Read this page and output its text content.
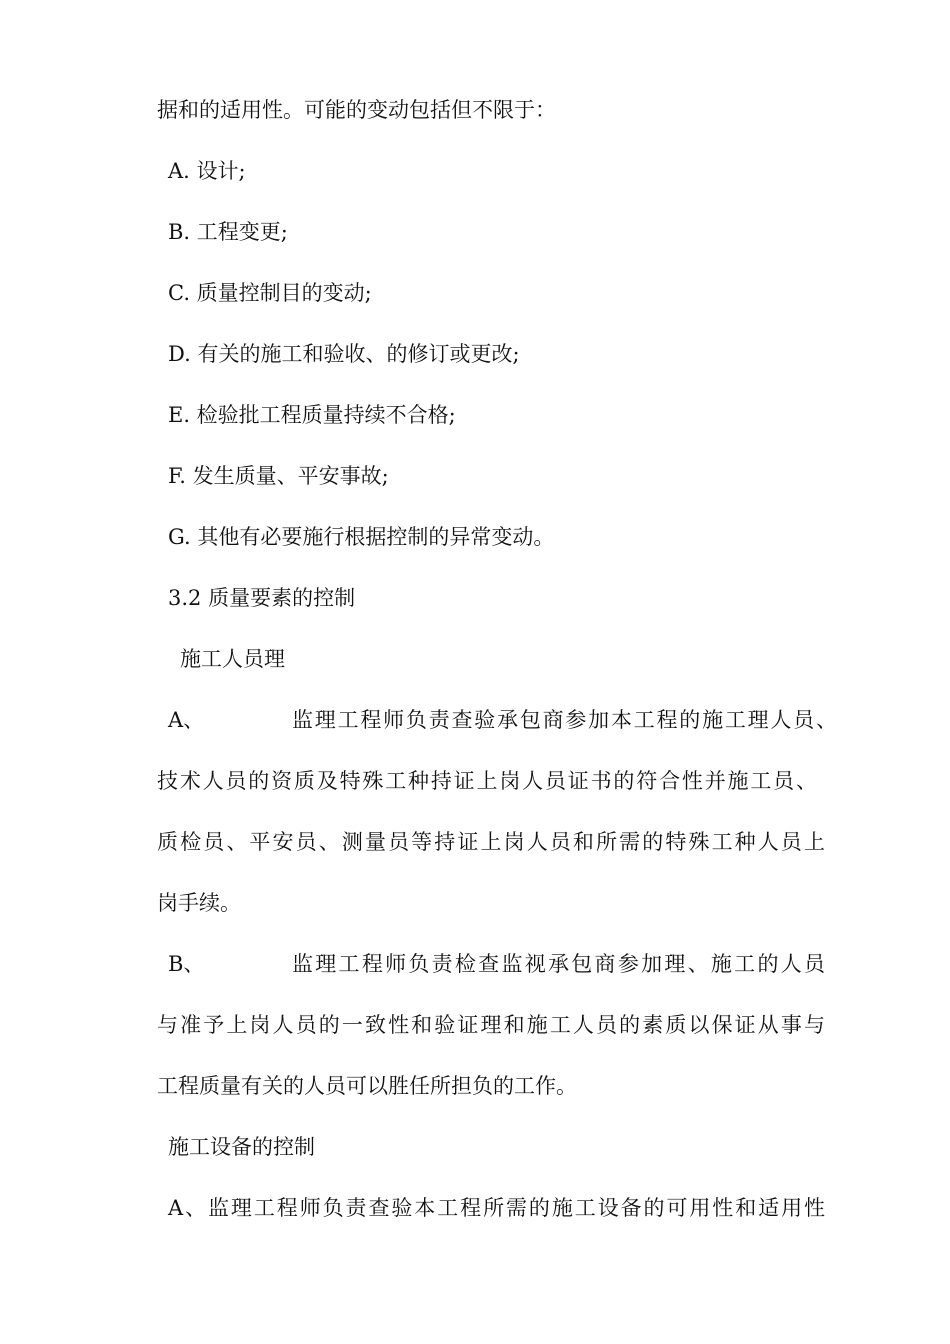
据和的适用性。可能的变动包括但不限于：
A. 设计;
B. 工程变更;
C. 质量控制目的变动;
D. 有关的施工和验收、的修订或更改;
E. 检验批工程质量持续不合格;
F. 发生质量、平安事故;
G. 其他有必要施行根据控制的异常变动。
3.2 质量要素的控制
施工人员理
A、	监理工程师负责查验承包商参加本工程的施工理人员、
技术人员的资质及特殊工种持证上岗人员证书的符合性并施工员、
质检员、平安员、测量员等持证上岗人员和所需的特殊工种人员上
岗手续。
B、	监理工程师负责检查监视承包商参加理、施工的人员
与准予上岗人员的一致性和验证理和施工人员的素质以保证从事与
工程质量有关的人员可以胜任所担负的工作。
施工设备的控制
A、监理工程师负责查验本工程所需的施工设备的可用性和适用性
